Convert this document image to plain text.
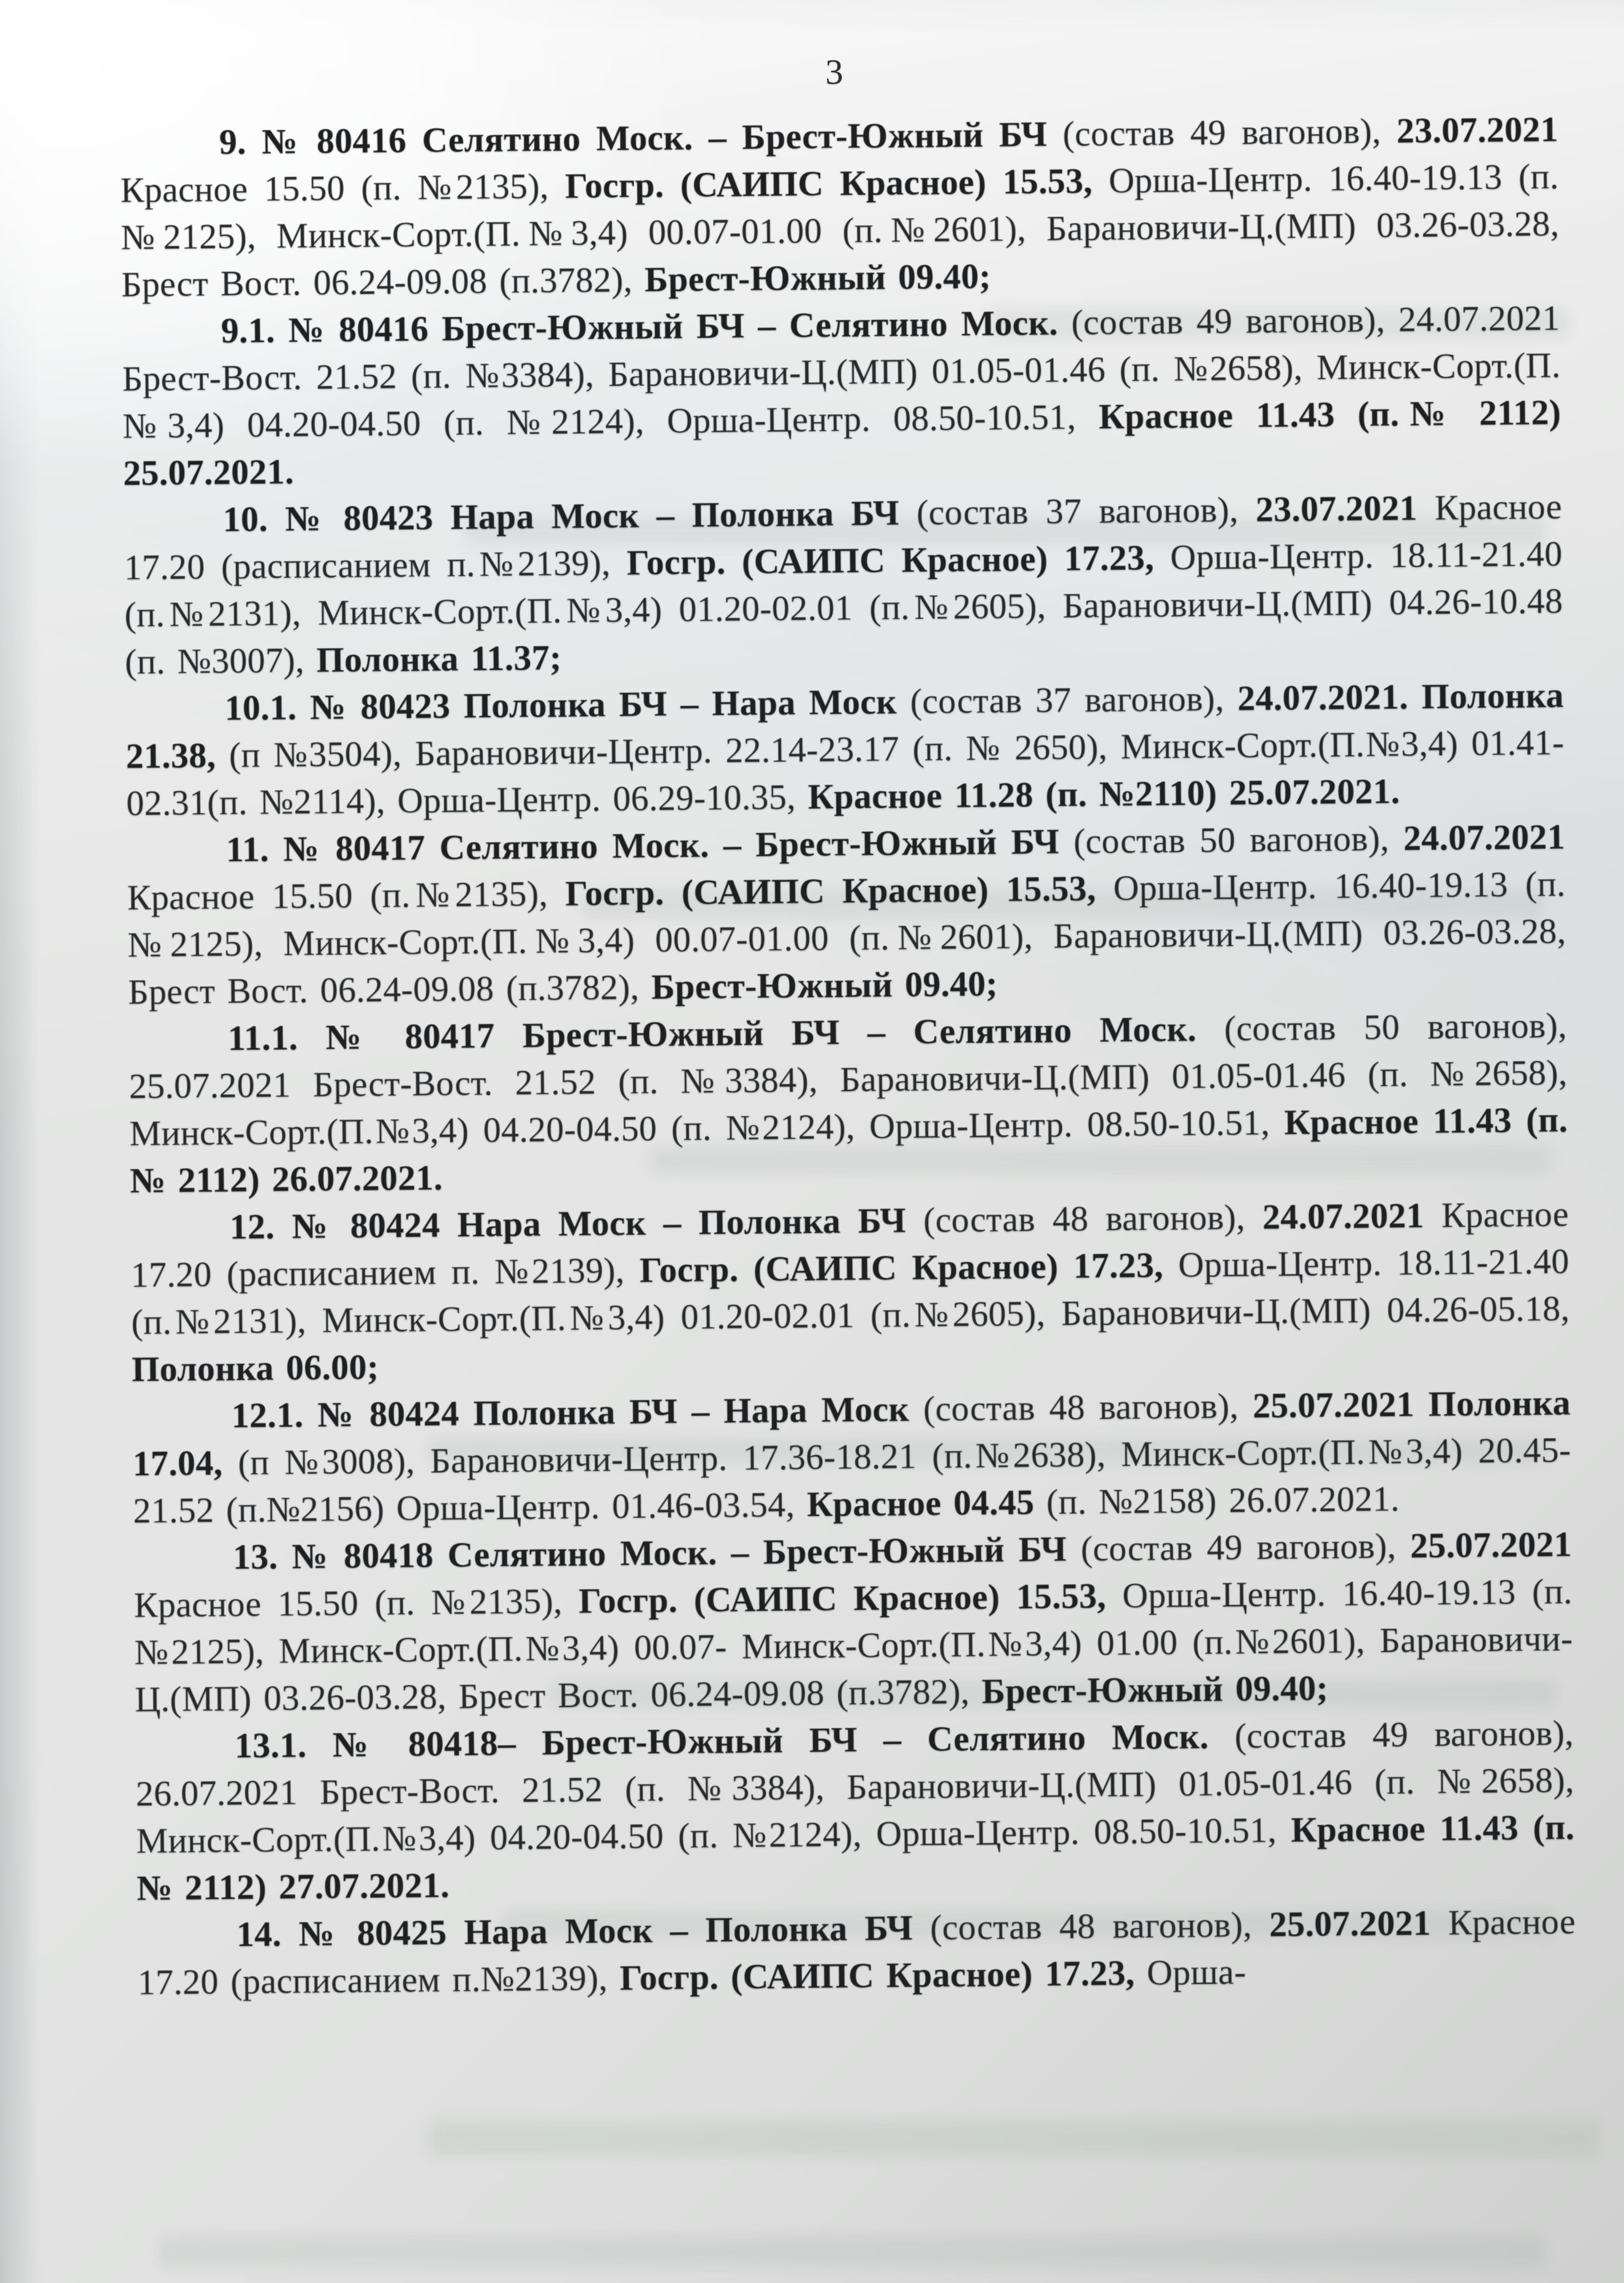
3

9. № 80416 Селятино Моск. – Брест-Южный БЧ (состав 49 вагонов), 23.07.2021 Красное 15.50 (п. №2135), Госгр. (САИПС Красное) 15.53, Орша-Центр. 16.40-19.13 (п. №2125), Минск-Сорт.(П.№3,4) 00.07-01.00 (п.№2601), Барановичи-Ц.(МП) 03.26-03.28, Брест Вост. 06.24-09.08 (п.3782), Брест-Южный 09.40;

9.1. № 80416 Брест-Южный БЧ – Селятино Моск. (состав 49 вагонов), 24.07.2021 Брест-Вост. 21.52 (п. №3384), Барановичи-Ц.(МП) 01.05-01.46 (п. №2658), Минск-Сорт.(П.№3,4) 04.20-04.50 (п. №2124), Орша-Центр. 08.50-10.51, Красное 11.43 (п.№ 2112) 25.07.2021.

10. № 80423 Нара Моск – Полонка БЧ (состав 37 вагонов), 23.07.2021 Красное 17.20 (расписанием п.№2139), Госгр. (САИПС Красное) 17.23, Орша-Центр. 18.11-21.40 (п.№2131), Минск-Сорт.(П.№3,4) 01.20-02.01 (п.№2605), Барановичи-Ц.(МП) 04.26-10.48 (п. №3007), Полонка 11.37;

10.1. № 80423 Полонка БЧ – Нара Моск (состав 37 вагонов), 24.07.2021. Полонка 21.38, (п №3504), Барановичи-Центр. 22.14-23.17 (п. № 2650), Минск-Сорт.(П.№3,4) 01.41-02.31(п. №2114), Орша-Центр. 06.29-10.35, Красное 11.28 (п. №2110) 25.07.2021.

11. № 80417 Селятино Моск. – Брест-Южный БЧ (состав 50 вагонов), 24.07.2021 Красное 15.50 (п.№2135), Госгр. (САИПС Красное) 15.53, Орша-Центр. 16.40-19.13 (п. №2125), Минск-Сорт.(П.№3,4) 00.07-01.00 (п.№2601), Барановичи-Ц.(МП) 03.26-03.28, Брест Вост. 06.24-09.08 (п.3782), Брест-Южный 09.40;

11.1. № 80417 Брест-Южный БЧ – Селятино Моск. (состав 50 вагонов), 25.07.2021 Брест-Вост. 21.52 (п. №3384), Барановичи-Ц.(МП) 01.05-01.46 (п. №2658), Минск-Сорт.(П.№3,4) 04.20-04.50 (п. №2124), Орша-Центр. 08.50-10.51, Красное 11.43 (п.№ 2112) 26.07.2021.

12. № 80424 Нара Моск – Полонка БЧ (состав 48 вагонов), 24.07.2021 Красное 17.20 (расписанием п. №2139), Госгр. (САИПС Красное) 17.23, Орша-Центр. 18.11-21.40 (п.№2131), Минск-Сорт.(П.№3,4) 01.20-02.01 (п.№2605), Барановичи-Ц.(МП) 04.26-05.18, Полонка 06.00;

12.1. № 80424 Полонка БЧ – Нара Моск (состав 48 вагонов), 25.07.2021 Полонка 17.04, (п №3008), Барановичи-Центр. 17.36-18.21 (п.№2638), Минск-Сорт.(П.№3,4) 20.45-21.52 (п.№2156) Орша-Центр. 01.46-03.54, Красное 04.45 (п. №2158) 26.07.2021.

13. № 80418 Селятино Моск. – Брест-Южный БЧ (состав 49 вагонов), 25.07.2021 Красное 15.50 (п. №2135), Госгр. (САИПС Красное) 15.53, Орша-Центр. 16.40-19.13 (п. №2125), Минск-Сорт.(П.№3,4) 00.07- Минск-Сорт.(П.№3,4) 01.00 (п.№2601), Барановичи-Ц.(МП) 03.26-03.28, Брест Вост. 06.24-09.08 (п.3782), Брест-Южный 09.40;

13.1. № 80418– Брест-Южный БЧ – Селятино Моск. (состав 49 вагонов), 26.07.2021 Брест-Вост. 21.52 (п. №3384), Барановичи-Ц.(МП) 01.05-01.46 (п. №2658), Минск-Сорт.(П.№3,4) 04.20-04.50 (п. №2124), Орша-Центр. 08.50-10.51, Красное 11.43 (п.№ 2112) 27.07.2021.

14. № 80425 Нара Моск – Полонка БЧ (состав 48 вагонов), 25.07.2021 Красное 17.20 (расписанием п.№2139), Госгр. (САИПС Красное) 17.23, Орша-
